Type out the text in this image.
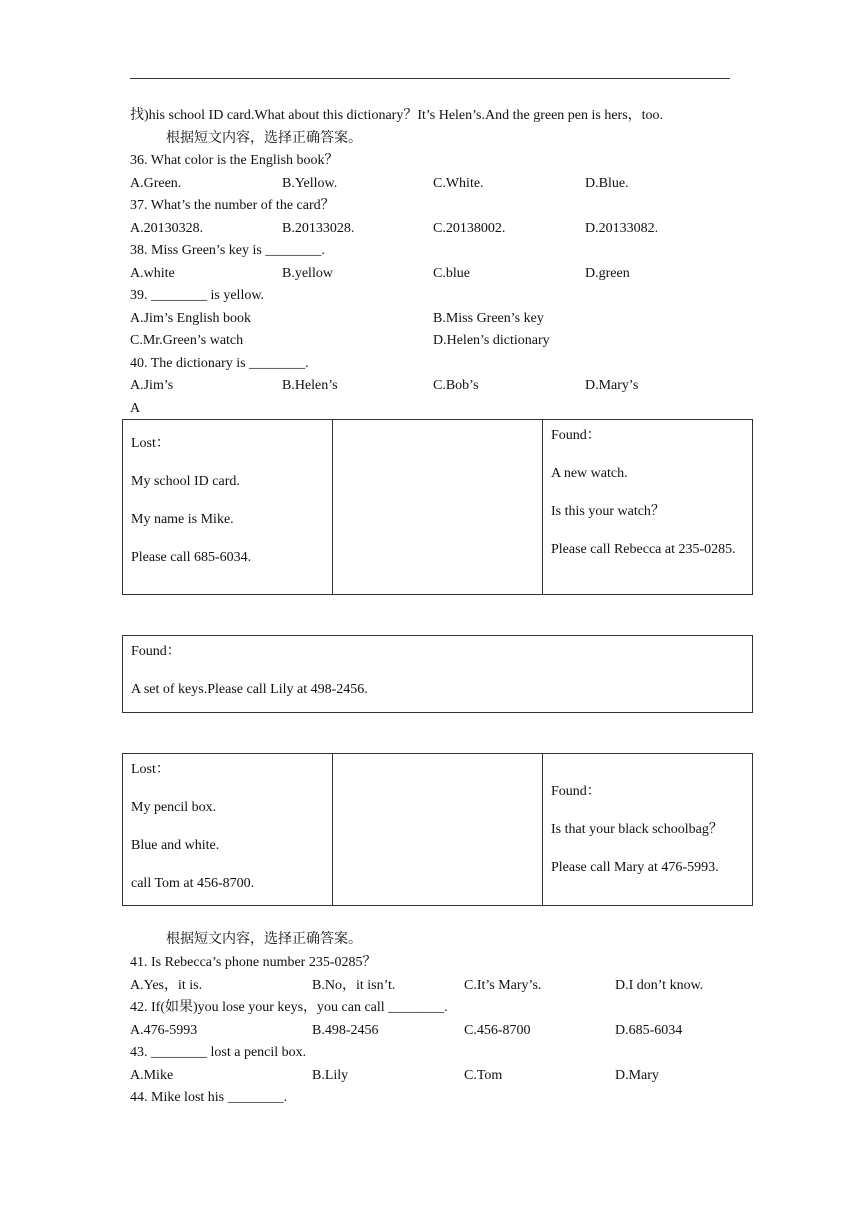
找)his school ID card.What about this dictionary？It’s Helen’s.And the green pen is hers，too.
根据短文内容，选择正确答案。
36. What color is the English book？
A.Green.	B.Yellow.	C.White.	D.Blue.
37. What’s the number of the card？
A.20130328.	B.20133028.	C.20138002.	D.20133082.
38. Miss Green’s key is ________.
A.white	B.yellow	C.blue	D.green
39. ________ is yellow.
A.Jim’s English book	B.Miss Green’s key
C.Mr.Green’s watch	D.Helen’s dictionary
40. The dictionary is ________.
A.Jim’s	B.Helen’s	C.Bob’s	D.Mary’s
A

Lost：

My school ID card.

My name is Mike.

Please call 685-6034.

Found：

A new watch.

Is this your watch？

Please call Rebecca at 235-0285.

Found：

A set of keys.Please call Lily at 498-2456.

Lost：

My pencil box.

Blue and white.

call Tom at 456-8700.

Found：

Is that your black schoolbag？

Please call Mary at 476-5993.

根据短文内容，选择正确答案。
41. Is Rebecca’s phone number 235-0285？
A.Yes，it is.	B.No，it isn’t.	C.It’s Mary’s.	D.I don’t know.
42. If(如果)you lose your keys，you can call ________.
A.476-5993	B.498-2456	C.456-8700	D.685-6034
43. ________ lost a pencil box.
A.Mike	B.Lily	C.Tom	D.Mary
44. Mike lost his ________.
